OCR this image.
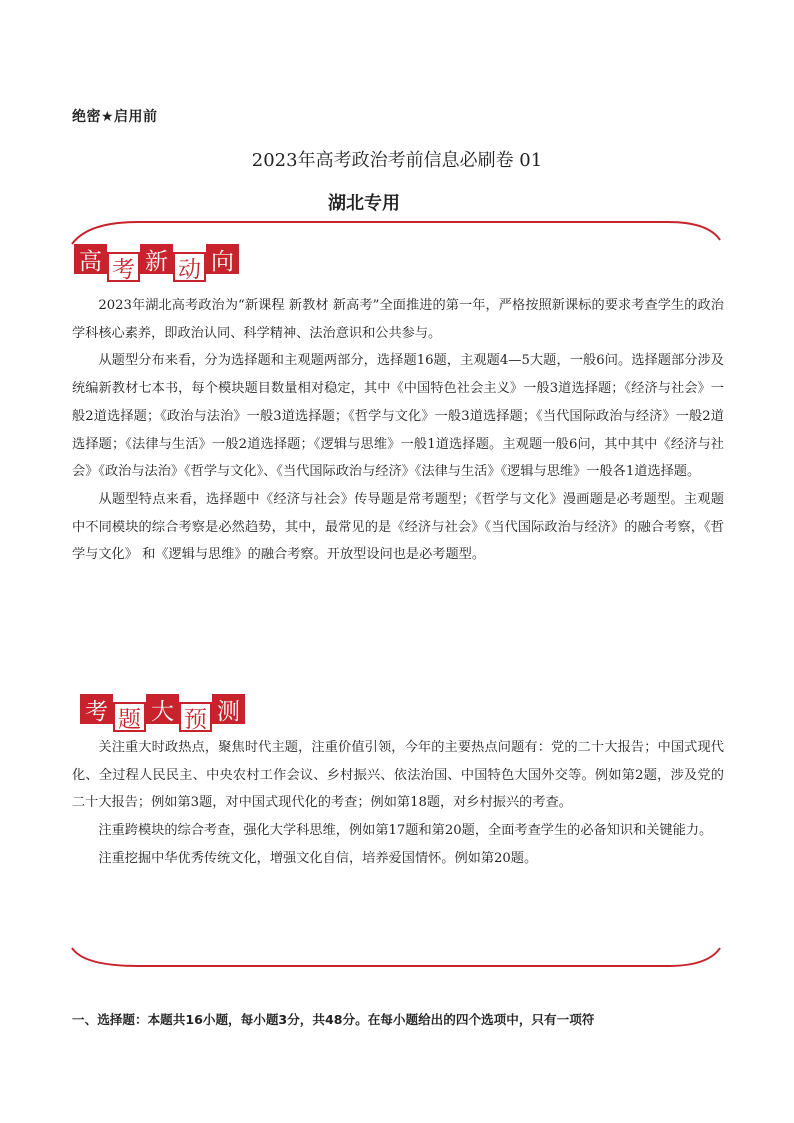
绝密★启用前
2023年高考政治考前信息必刷卷 01
湖北专用
高 考 新 动 向

2023年湖北高考政治为“新课程 新教材 新高考”全面推进的第一年，严格按照新课标的要求考查学生的政治学科核心素养，即政治认同、科学精神、法治意识和公共参与。

从题型分布来看，分为选择题和主观题两部分，选择题16题，主观题4—5大题，一般6问。选择题部分涉及统编新教材七本书，每个模块题目数量相对稳定，其中《中国特色社会主义》一般3道选择题；《经济与社会》一般2道选择题；《政治与法治》一般3道选择题；《哲学与文化》一般3道选择题；《当代国际政治与经济》一般2道选择题；《法律与生活》一般2道选择题；《逻辑与思维》一般1道选择题。主观题一般6问，其中其中《经济与社会》《政治与法治》《哲学与文化》、《当代国际政治与经济》《法律与生活》《逻辑与思维》一般各1道选择题。

从题型特点来看，选择题中《经济与社会》传导题是常考题型；《哲学与文化》漫画题是必考题型。主观题中不同模块的综合考察是必然趋势，其中，最常见的是《经济与社会》《当代国际政治与经济》的融合考察，《哲学与文化》 和《逻辑与思维》的融合考察。开放型设问也是必考题型。

考 题 大 预 测

关注重大时政热点，聚焦时代主题，注重价值引领，今年的主要热点问题有：党的二十大报告；中国式现代化、全过程人民民主、中央农村工作会议、乡村振兴、依法治国、中国特色大国外交等。例如第2题，涉及党的二十大报告；例如第3题，对中国式现代化的考查；例如第18题，对乡村振兴的考查。

注重跨模块的综合考查，强化大学科思维，例如第17题和第20题，全面考查学生的必备知识和关键能力。

注重挖掘中华优秀传统文化，增强文化自信，培养爱国情怀。例如第20题。

一、选择题：本题共16小题，每小题3分，共48分。在每小题给出的四个选项中，只有一项符
